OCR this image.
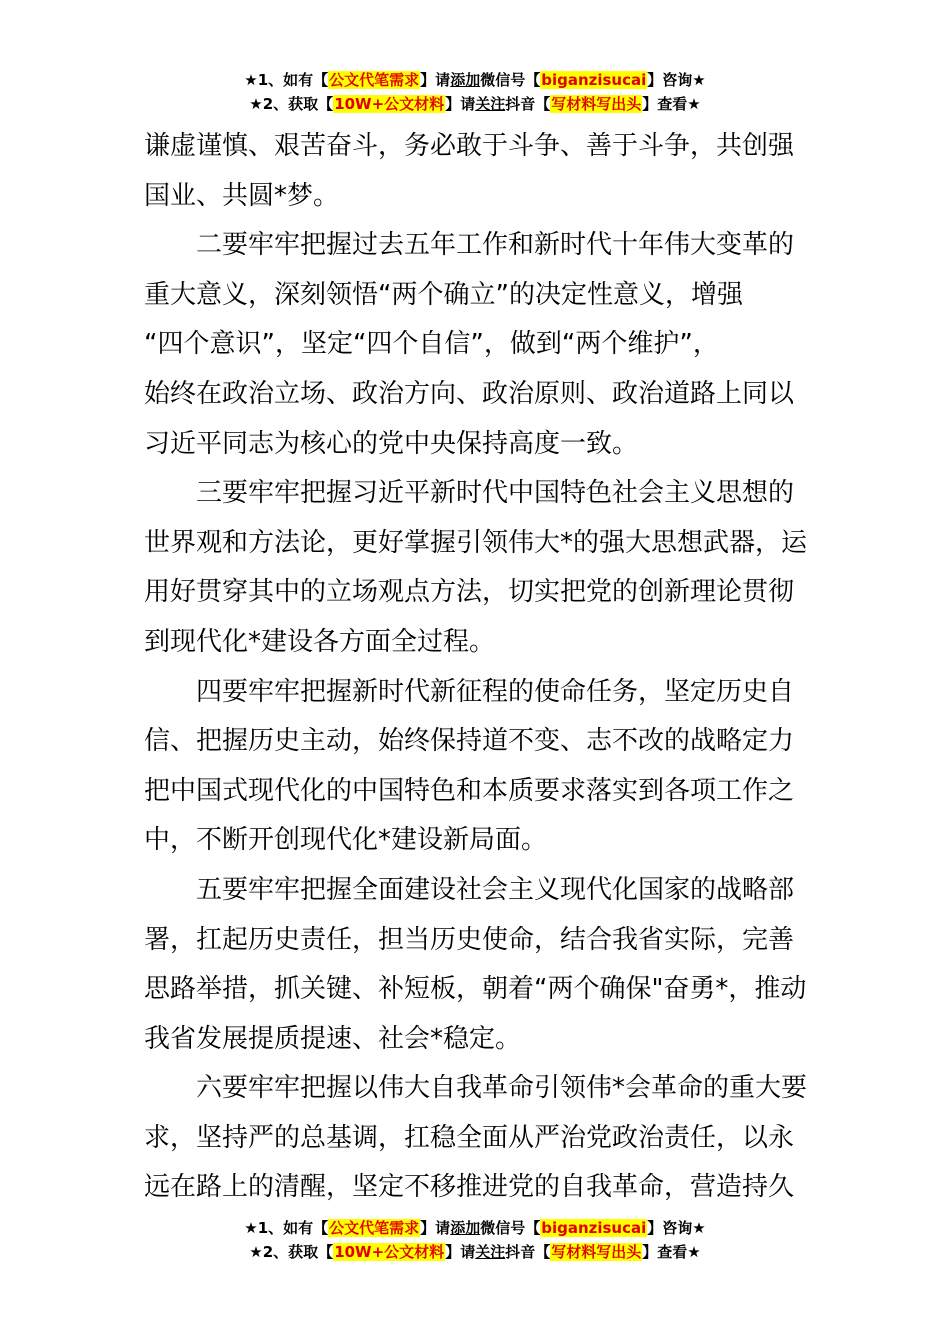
★1、如有【公文代笔需求】请添加微信号【biganzisucai】咨询★
★2、获取【10W+公文材料】请关注抖音【写材料写出头】查看★
谦虚谨慎、艰苦奋斗，务必敢于斗争、善于斗争，共创强
国业、共圆*梦。
二要牢牢把握过去五年工作和新时代十年伟大变革的
重大意义，深刻领悟“两个确立”的决定性意义，增强
“四个意识”，坚定“四个自信”，做到“两个维护”，
始终在政治立场、政治方向、政治原则、政治道路上同以
习近平同志为核心的党中央保持高度一致。
三要牢牢把握习近平新时代中国特色社会主义思想的
世界观和方法论，更好掌握引领伟大*的强大思想武器，运
用好贯穿其中的立场观点方法，切实把党的创新理论贯彻
到现代化*建设各方面全过程。
四要牢牢把握新时代新征程的使命任务，坚定历史自
信、把握历史主动，始终保持道不变、志不改的战略定力
把中国式现代化的中国特色和本质要求落实到各项工作之
中，不断开创现代化*建设新局面。
五要牢牢把握全面建设社会主义现代化国家的战略部
署，扛起历史责任，担当历史使命，结合我省实际，完善
思路举措，抓关键、补短板，朝着“两个确保"奋勇*，推动
我省发展提质提速、社会*稳定。
六要牢牢把握以伟大自我革命引领伟*会革命的重大要
求，坚持严的总基调，扛稳全面从严治党政治责任，以永
远在路上的清醒，坚定不移推进党的自我革命，营造持久
★1、如有【公文代笔需求】请添加微信号【biganzisucai】咨询★
★2、获取【10W+公文材料】请关注抖音【写材料写出头】查看★
